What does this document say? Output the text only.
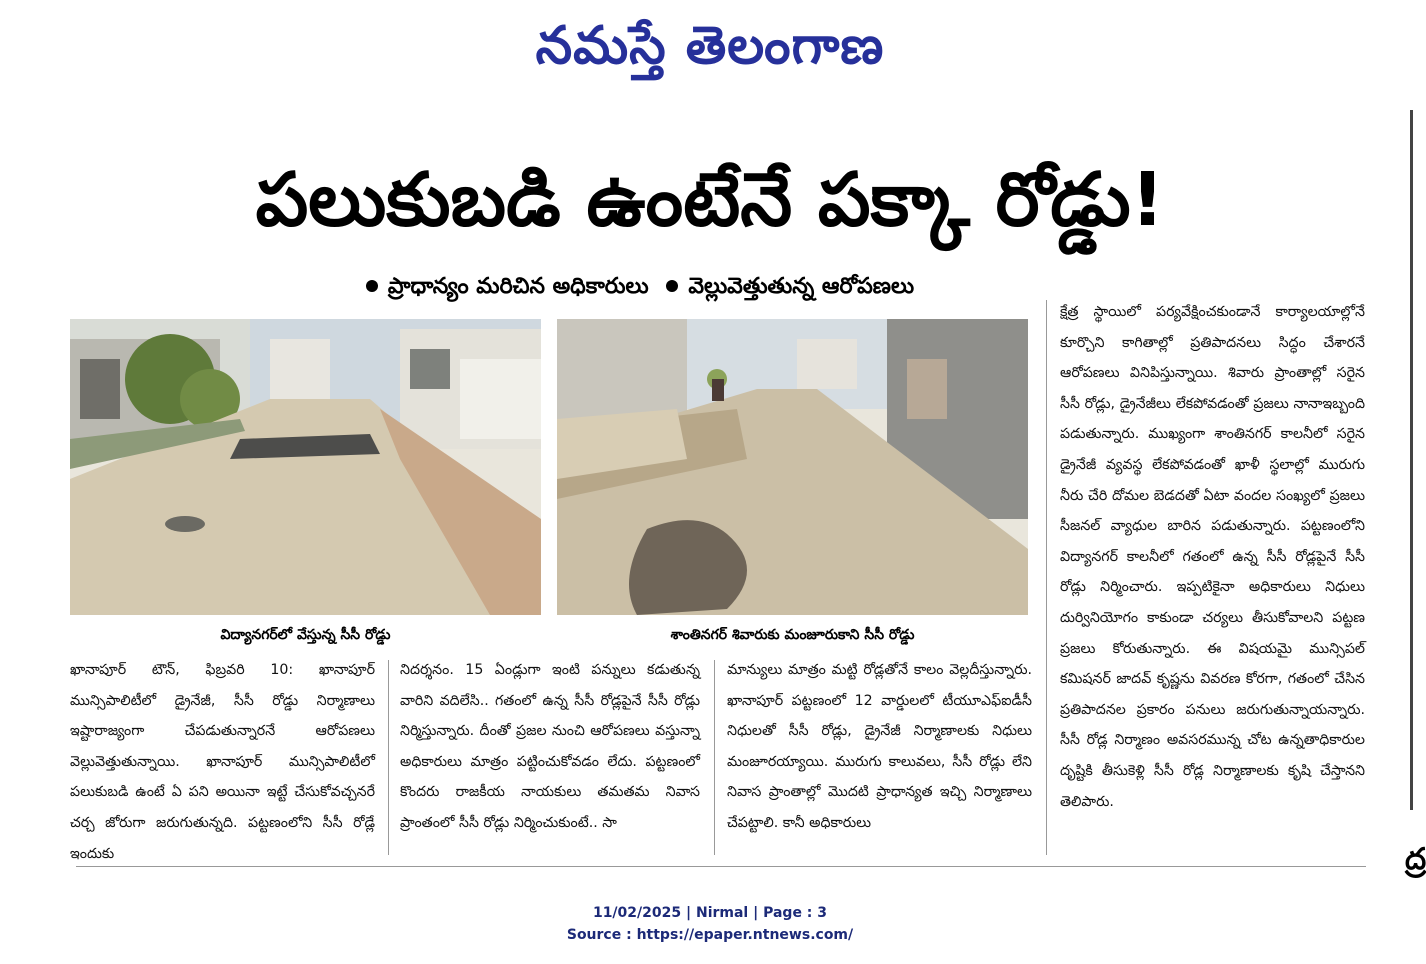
నమస్తే తెలంగాణ
పలుకుబడి ఉంటేనే పక్కా రోడ్డు!
ప్రాధాన్యం మరిచిన అధికారులు వెల్లువెత్తుతున్న ఆరోపణలు
విద్యానగర్‌లో వేస్తున్న సీసీ రోడ్డు	శాంతినగర్ శివారుకు మంజూరుకాని సీసీ రోడ్డు

ఖానాపూర్ టౌన్, ఫిబ్రవరి 10: ఖానాపూర్ మున్సిపాలిటీలో డ్రైనేజీ, సీసీ రోడ్డు నిర్మాణాలు ఇష్టారాజ్యంగా చేపడుతున్నారనే ఆరోపణలు వెల్లువెత్తుతున్నాయి. ఖానాపూర్ మున్సిపాలిటీలో పలుకుబడి ఉంటే ఏ పని అయినా ఇట్టే చేసుకోవచ్చనరే చర్చ జోరుగా జరుగుతున్నది. పట్టణంలోని సీసీ రోడ్లే ఇందుకు

నిదర్శనం. 15 ఏండ్లుగా ఇంటి పన్నులు కడుతున్న వారిని వదిలేసి.. గతంలో ఉన్న సీసీ రోడ్లపైనే సీసీ రోడ్లు నిర్మిస్తున్నారు. దీంతో ప్రజల నుంచి ఆరోపణలు వస్తున్నా అధికారులు మాత్రం పట్టించుకోవడం లేదు. పట్టణంలో కొందరు రాజకీయ నాయకులు తమతమ నివాస ప్రాంతంలో సీసీ రోడ్లు నిర్మించుకుంటే.. సా

మాన్యులు మాత్రం మట్టి రోడ్లతోనే కాలం వెల్లదీస్తున్నారు. ఖానాపూర్ పట్టణంలో 12 వార్డులలో టీయూఎఫ్ఐడీసీ నిధులతో సీసీ రోడ్లు, డ్రైనేజీ నిర్మాణాలకు నిధులు మంజూరయ్యాయి. మురుగు కాలువలు, సీసీ రోడ్లు లేని నివాస ప్రాంతాల్లో మొదటి ప్రాధాన్యత ఇచ్చి నిర్మాణాలు చేపట్టాలి. కానీ అధికారులు

క్షేత్ర స్థాయిలో పర్యవేక్షించకుండానే కార్యాలయాల్లోనే కూర్చొని కాగితాల్లో ప్రతిపాదనలు సిద్ధం చేశారనే ఆరోపణలు వినిపిస్తున్నాయి. శివారు ప్రాంతాల్లో సరైన సీసీ రోడ్లు, డ్రైనేజీలు లేకపోవడంతో ప్రజలు నానాఇబ్బంది పడుతున్నారు. ముఖ్యంగా శాంతినగర్ కాలనీలో సరైన డ్రైనేజీ వ్యవస్థ లేకపోవడంతో ఖాళీ స్థలాల్లో మురుగు నీరు చేరి దోమల బెడదతో ఏటా వందల సంఖ్యలో ప్రజలు సీజనల్ వ్యాధుల బారిన పడుతున్నారు. పట్టణంలోని విద్యానగర్ కాలనీలో గతంలో ఉన్న సీసీ రోడ్లపైనే సీసీ రోడ్లు నిర్మించారు. ఇప్పటికైనా అధికారులు నిధులు దుర్వినియోగం కాకుండా చర్యలు తీసుకోవాలని పట్టణ ప్రజలు కోరుతున్నారు. ఈ విషయమై మున్సిపల్ కమిషనర్ జాదవ్ కృష్ణను వివరణ కోరగా, గతంలో చేసిన ప్రతిపాదనల ప్రకారం పనులు జరుగుతున్నాయన్నారు. సీసీ రోడ్ల నిర్మాణం అవసరమున్న చోట ఉన్నతాధికారుల దృష్టికి తీసుకెళ్లి సీసీ రోడ్ల నిర్మాణాలకు కృషి చేస్తానని తెలిపారు.

ద్ర
11/02/2025 | Nirmal | Page : 3
Source : https://epaper.ntnews.com/
